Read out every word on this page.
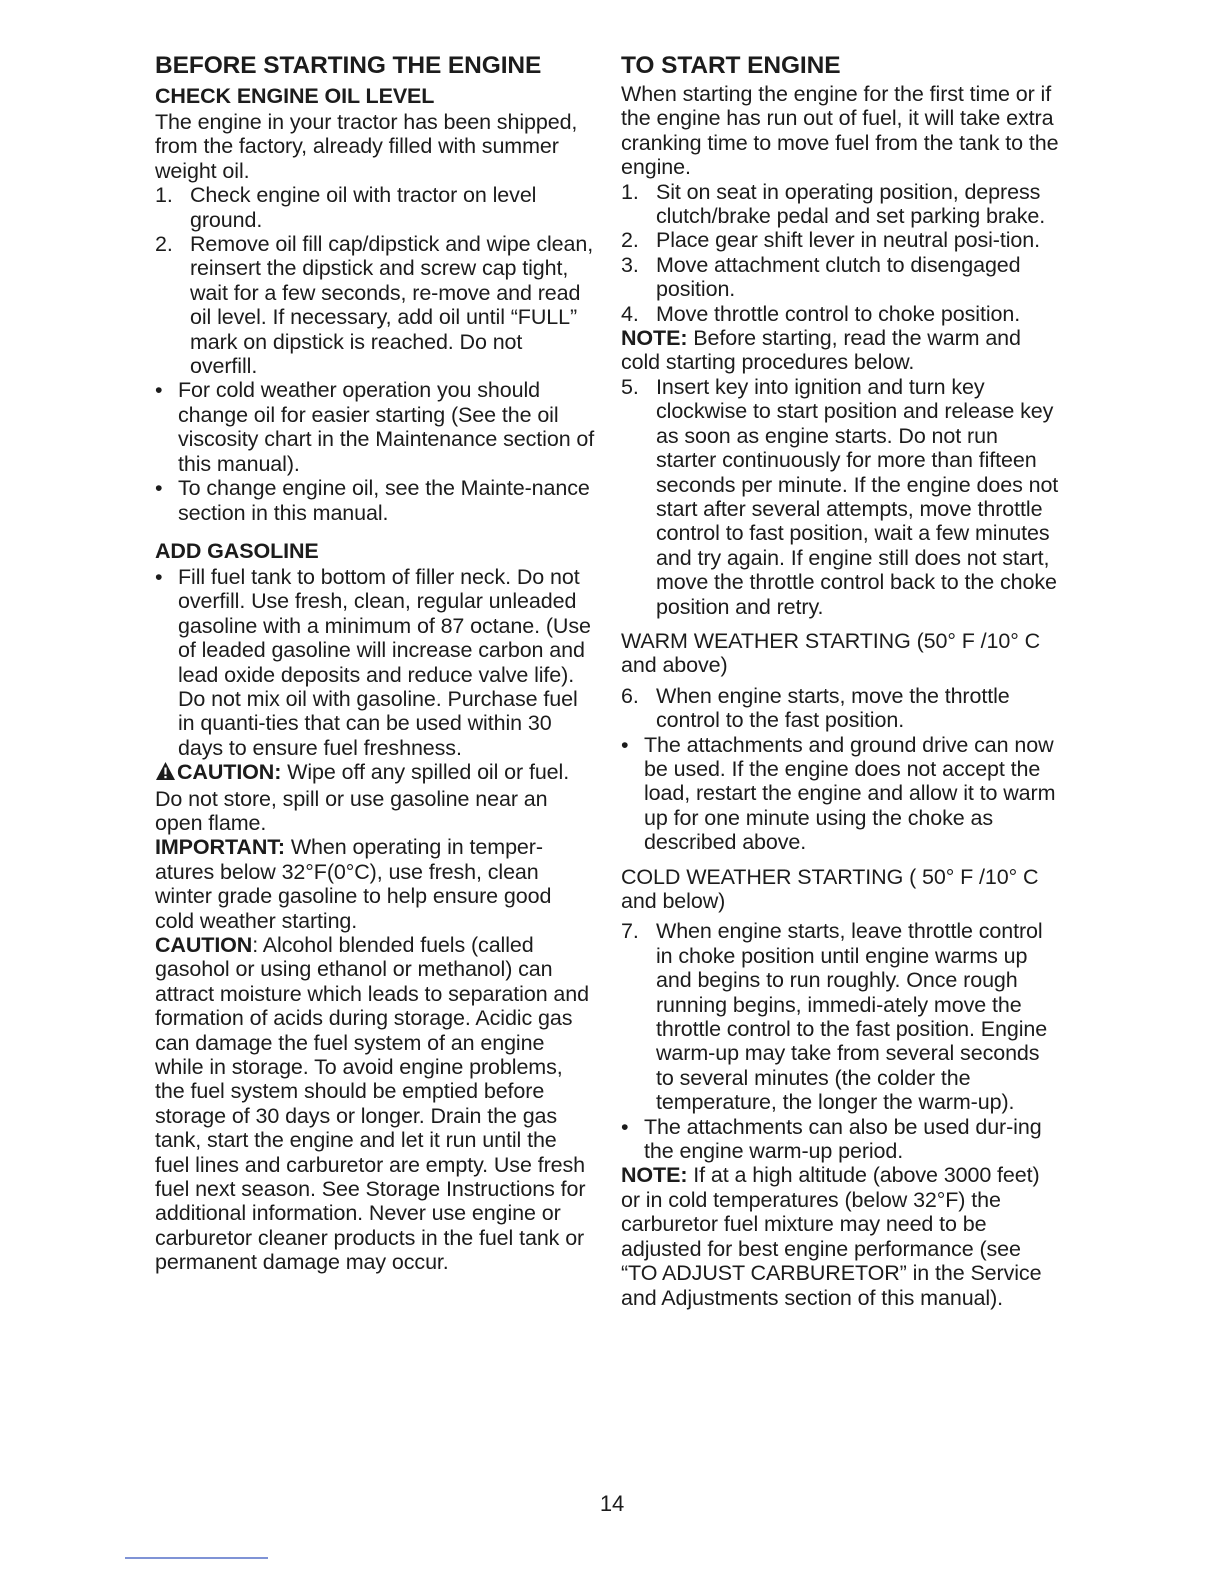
BEFORE STARTING THE ENGINE
CHECK ENGINE OIL LEVEL

The engine in your tractor has been shipped, from the factory, already filled with summer weight oil.

1. Check engine oil with tractor on level ground.
2. Remove oil fill cap/dipstick and wipe clean, reinsert the dipstick and screw cap tight, wait for a few seconds, re-move and read oil level. If necessary, add oil until “FULL” mark on dipstick is reached. Do not overfill.
• For cold weather operation you should change oil for easier starting (See the oil viscosity chart in the Maintenance section of this manual).
• To change engine oil, see the Mainte-nance section in this manual.
ADD GASOLINE
• Fill fuel tank to bottom of filler neck. Do not overfill. Use fresh, clean, regular unleaded gasoline with a minimum of 87 octane. (Use of leaded gasoline will increase carbon and lead oxide deposits and reduce valve life). Do not mix oil with gasoline. Purchase fuel in quanti-ties that can be used within 30 days to ensure fuel freshness.

CAUTION: Wipe off any spilled oil or fuel. Do not store, spill or use gasoline near an open flame.

IMPORTANT: When operating in temper-atures below 32°F(0°C), use fresh, clean winter grade gasoline to help ensure good cold weather starting.

CAUTION: Alcohol blended fuels (called gasohol or using ethanol or methanol) can attract moisture which leads to separation and formation of acids during storage. Acidic gas can damage the fuel system of an engine while in storage. To avoid engine problems, the fuel system should be emptied before storage of 30 days or longer. Drain the gas tank, start the engine and let it run until the fuel lines and carburetor are empty. Use fresh fuel next season. See Storage Instructions for additional information. Never use engine or carburetor cleaner products in the fuel tank or permanent damage may occur.

TO START ENGINE

When starting the engine for the first time or if the engine has run out of fuel, it will take extra cranking time to move fuel from the tank to the engine.

1. Sit on seat in operating position, depress clutch/brake pedal and set parking brake.
2. Place gear shift lever in neutral posi-tion.
3. Move attachment clutch to disengaged position.
4. Move throttle control to choke position.

NOTE: Before starting, read the warm and cold starting procedures below.

5. Insert key into ignition and turn key clockwise to start position and release key as soon as engine starts. Do not run starter continuously for more than fifteen seconds per minute. If the engine does not start after several attempts, move throttle control to fast position, wait a few minutes and try again. If engine still does not start, move the throttle control back to the choke position and retry.

WARM WEATHER STARTING (50° F /10° C and above)

6. When engine starts, move the throttle control to the fast position.
• The attachments and ground drive can now be used. If the engine does not accept the load, restart the engine and allow it to warm up for one minute using the choke as described above.

COLD WEATHER STARTING ( 50° F /10° C and below)

7. When engine starts, leave throttle control in choke position until engine warms up and begins to run roughly. Once rough running begins, immedi-ately move the throttle control to the fast position. Engine warm-up may take from several seconds to several minutes (the colder the temperature, the longer the warm-up).
• The attachments can also be used dur-ing the engine warm-up period.

NOTE: If at a high altitude (above 3000 feet) or in cold temperatures (below 32°F) the carburetor fuel mixture may need to be adjusted for best engine performance (see “TO ADJUST CARBURETOR” in the Service and Adjustments section of this manual).

14
